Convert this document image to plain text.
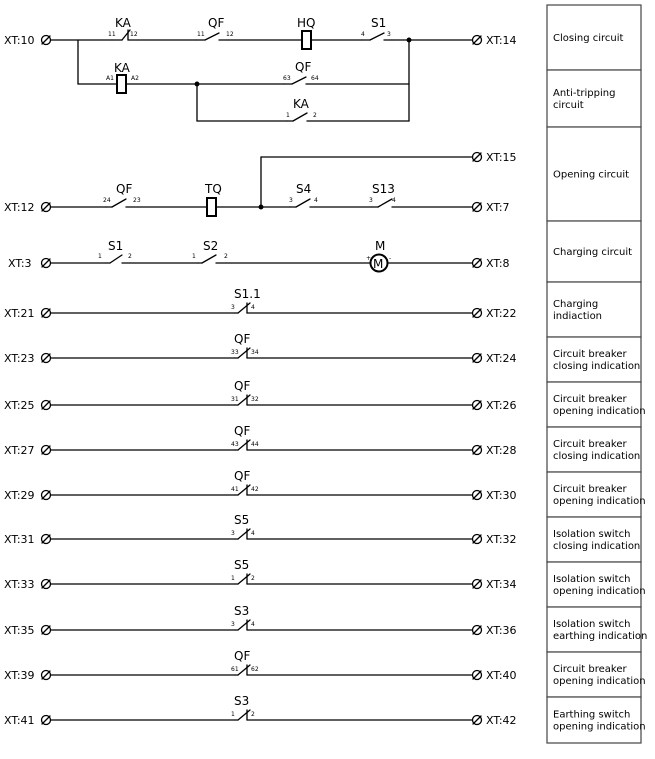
XT:10	XT:14
KA
11 12
QF
11	12
HQ	S1
4	3
KA
A1	A2
QF
63	64
KA
1	2
XT:12
QF
24	23
TQ
XT:15
S4
3	4
S13
3	4
XT:7
XT:3
S1
1	2
S2
1	2
M
M
+	-	XT:8
XT:21
S1.1
3	4	XT:22
XT:23
QF
33 34	XT:24
XT:25
QF
31 32	XT:26
XT:27
QF
43 44	XT:28
XT:29
QF
41 42	XT:30
XT:31
S5
3	4	XT:32
XT:33
S5
1	2	XT:34
XT:35
S3
3	4	XT:36
XT:39
QF
61 62	XT:40
XT:41
S3
1	2	XT:42
Closing circuit
Anti-tripping
circuit
Opening circuit
Charging circuit
Charging
indiaction
Circuit breaker
closing indication
Circuit breaker
opening indication
Circuit breaker
closing indication
Circuit breaker
opening indication
Isolation switch
closing indication
Isolation switch
opening indication
Isolation switch
earthing indication
Circuit breaker
opening indication
Earthing switch
opening indication
